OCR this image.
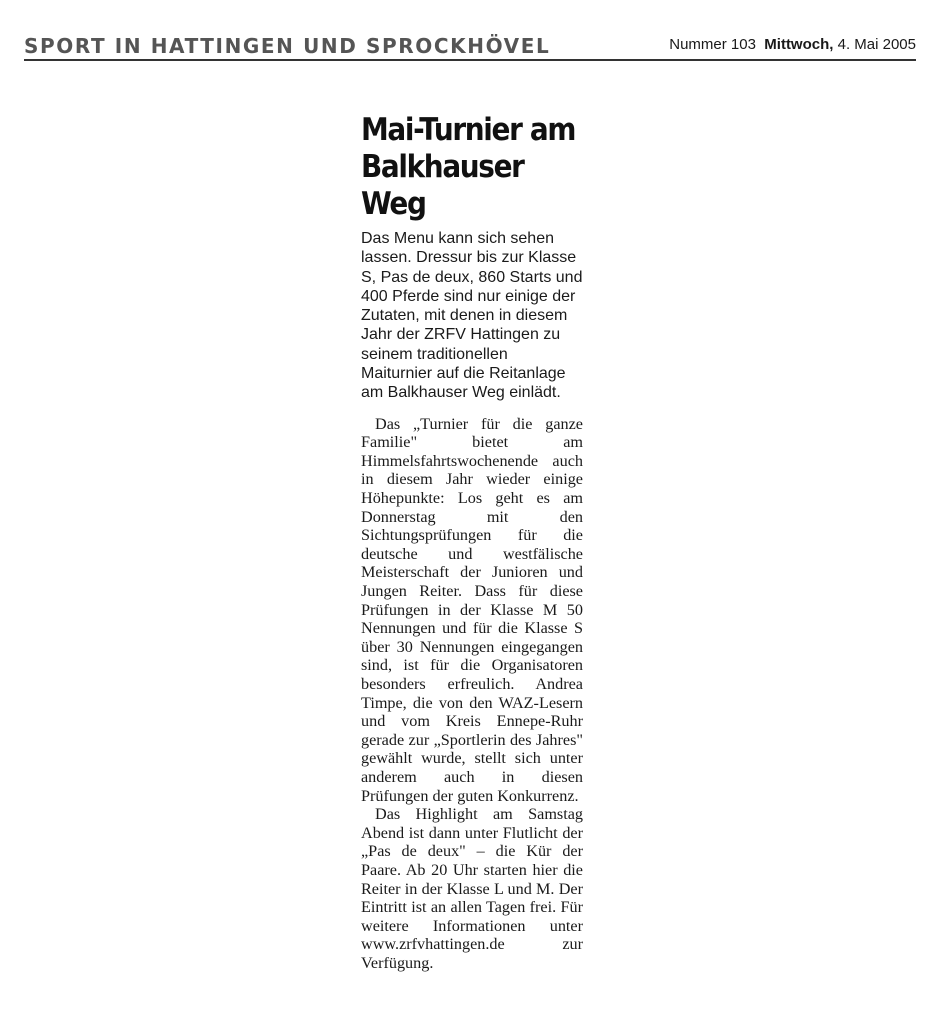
SPORT IN HATTINGEN UND SPROCKHÖVEL	Nummer 103 Mittwoch, 4. Mai 2005
Mai-Turnier am Balkhauser Weg

Das Menu kann sich sehen lassen. Dressur bis zur Klasse S, Pas de deux, 860 Starts und 400 Pferde sind nur einige der Zutaten, mit denen in diesem Jahr der ZRFV Hattingen zu seinem traditionellen Maiturnier auf die Reitanlage am Balkhauser Weg einlädt.

Das „Turnier für die ganze Familie" bietet am Himmelsfahrtswochenende auch in diesem Jahr wieder einige Höhepunkte: Los geht es am Donnerstag mit den Sichtungsprüfungen für die deutsche und westfälische Meisterschaft der Junioren und Jungen Reiter. Dass für diese Prüfungen in der Klasse M 50 Nennungen und für die Klasse S über 30 Nennungen eingegangen sind, ist für die Organisatoren besonders erfreulich. Andrea Timpe, die von den WAZ-Lesern und vom Kreis Ennepe-Ruhr gerade zur „Sportlerin des Jahres" gewählt wurde, stellt sich unter anderem auch in diesen Prüfungen der guten Konkurrenz.

Das Highlight am Samstag Abend ist dann unter Flutlicht der „Pas de deux" – die Kür der Paare. Ab 20 Uhr starten hier die Reiter in der Klasse L und M. Der Eintritt ist an allen Tagen frei. Für weitere Informationen unter www.zrfvhattingen.de zur Verfügung.
